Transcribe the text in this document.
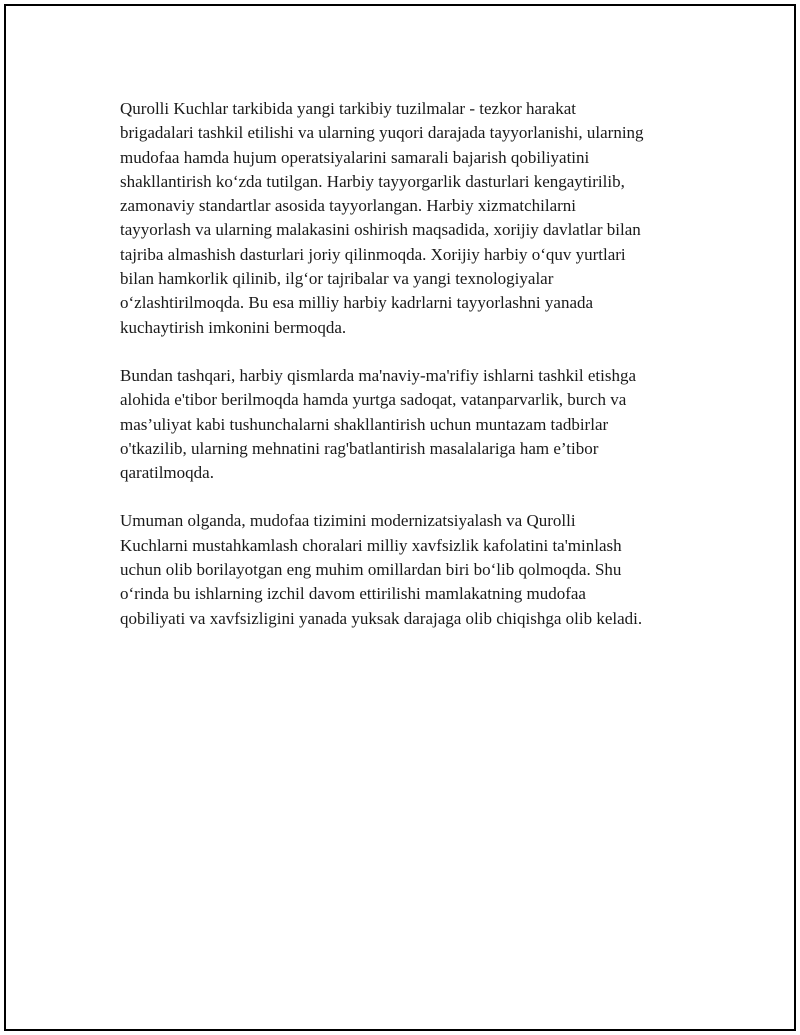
Qurolli Kuchlar tarkibida yangi tarkibiy tuzilmalar - tezkor harakat
brigadalari tashkil etilishi va ularning yuqori darajada tayyorlanishi, ularning
mudofaa hamda hujum operatsiyalarini samarali bajarish qobiliyatini
shakllantirish ko‘zda tutilgan. Harbiy tayyorgarlik dasturlari kengaytirilib,
zamonaviy standartlar asosida tayyorlangan. Harbiy xizmatchilarni
tayyorlash va ularning malakasini oshirish maqsadida, xorijiy davlatlar bilan
tajriba almashish dasturlari joriy qilinmoqda. Xorijiy harbiy o‘quv yurtlari
bilan hamkorlik qilinib, ilg‘or tajribalar va yangi texnologiyalar
o‘zlashtirilmoqda. Bu esa milliy harbiy kadrlarni tayyorlashni yanada
kuchaytirish imkonini bermoqda.

Bundan tashqari, harbiy qismlarda ma'naviy-ma'rifiy ishlarni tashkil etishga
alohida e'tibor berilmoqda hamda yurtga sadoqat, vatanparvarlik, burch va
mas’uliyat kabi tushunchalarni shakllantirish uchun muntazam tadbirlar
o'tkazilib, ularning mehnatini rag'batlantirish masalalariga ham e’tibor
qaratilmoqda.

Umuman olganda, mudofaa tizimini modernizatsiyalash va Qurolli
Kuchlarni mustahkamlash choralari milliy xavfsizlik kafolatini ta'minlash
uchun olib borilayotgan eng muhim omillardan biri bo‘lib qolmoqda. Shu
o‘rinda bu ishlarning izchil davom ettirilishi mamlakatning mudofaa
qobiliyati va xavfsizligini yanada yuksak darajaga olib chiqishga olib keladi.
